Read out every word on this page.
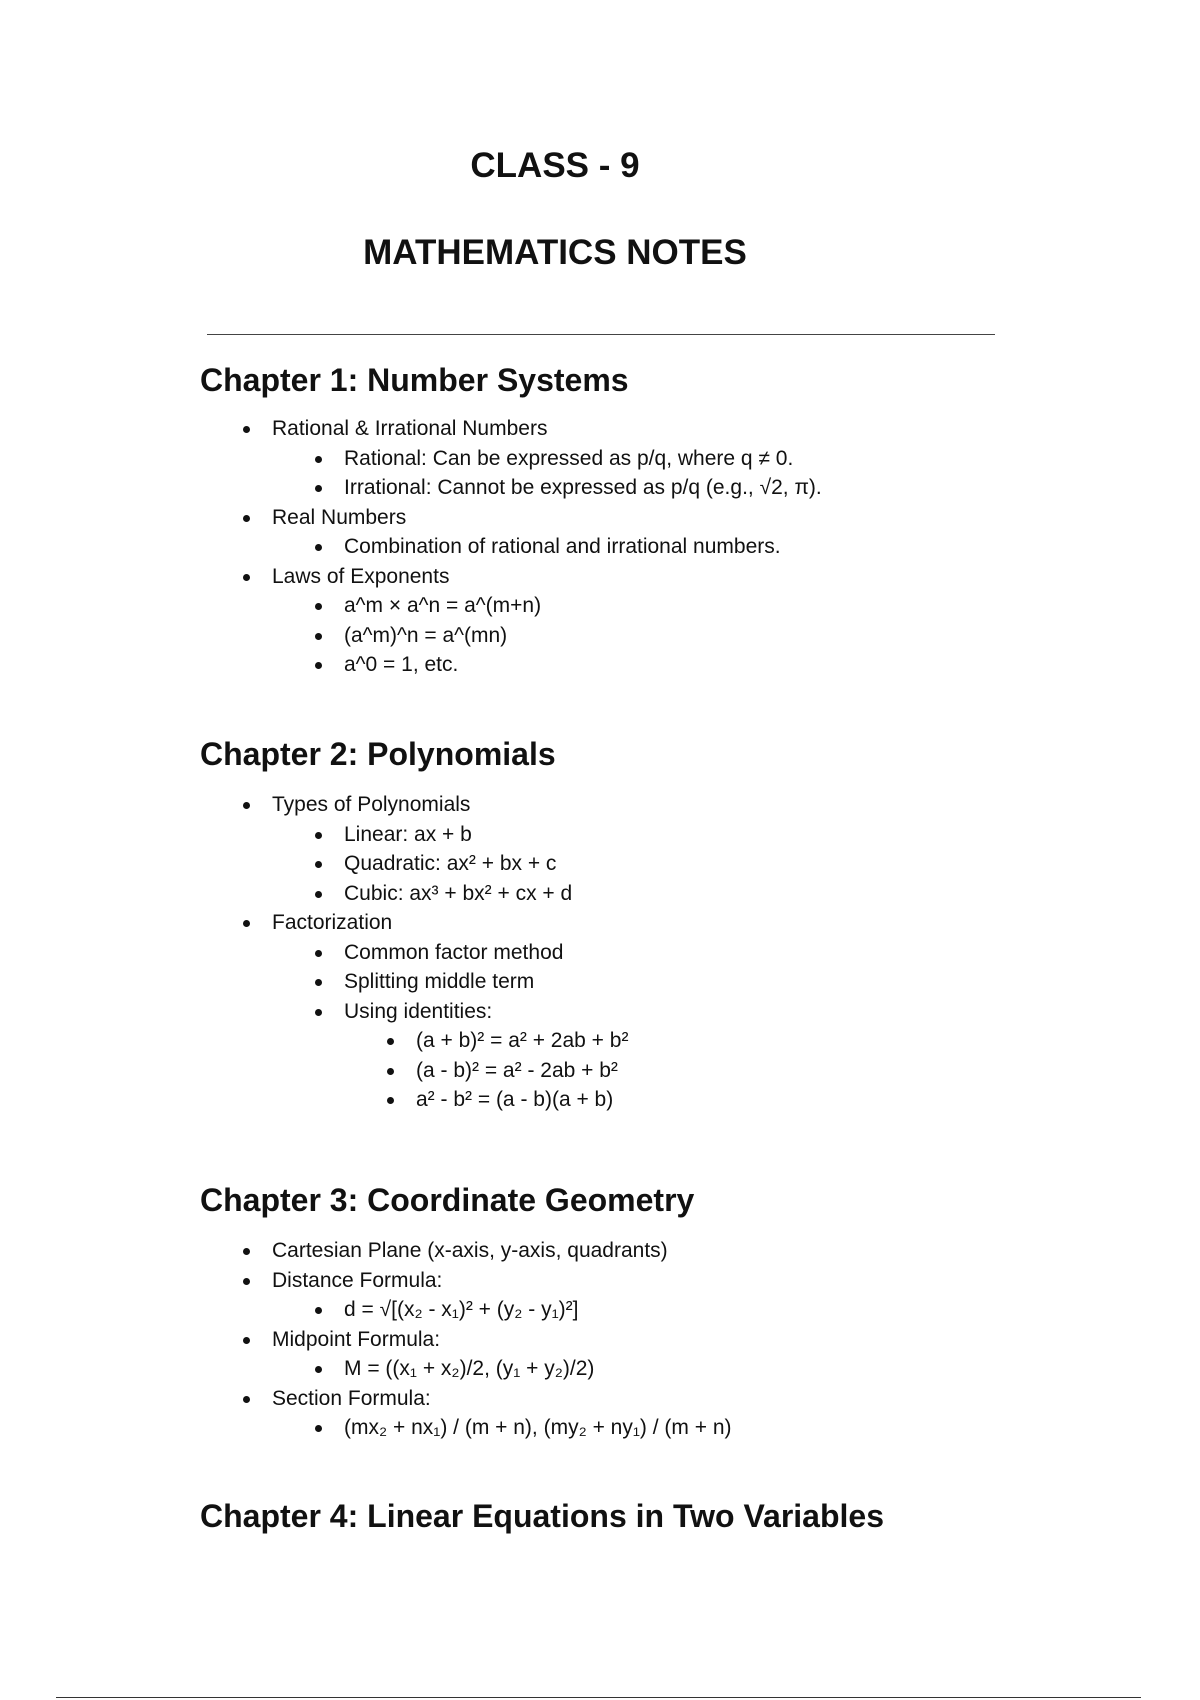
CLASS - 9
MATHEMATICS NOTES
Chapter 1: Number Systems
Rational & Irrational Numbers
Rational: Can be expressed as p/q, where q ≠ 0.
Irrational: Cannot be expressed as p/q (e.g., √2, π).
Real Numbers
Combination of rational and irrational numbers.
Laws of Exponents
a^m × a^n = a^(m+n)
(a^m)^n = a^(mn)
a^0 = 1, etc.
Chapter 2: Polynomials
Types of Polynomials
Linear: ax + b
Quadratic: ax² + bx + c
Cubic: ax³ + bx² + cx + d
Factorization
Common factor method
Splitting middle term
Using identities:
(a + b)² = a² + 2ab + b²
(a - b)² = a² - 2ab + b²
a² - b² = (a - b)(a + b)
Chapter 3: Coordinate Geometry
Cartesian Plane (x-axis, y-axis, quadrants)
Distance Formula:
d = √[(x₂ - x₁)² + (y₂ - y₁)²]
Midpoint Formula:
M = ((x₁ + x₂)/2, (y₁ + y₂)/2)
Section Formula:
(mx₂ + nx₁) / (m + n), (my₂ + ny₁) / (m + n)
Chapter 4: Linear Equations in Two Variables
